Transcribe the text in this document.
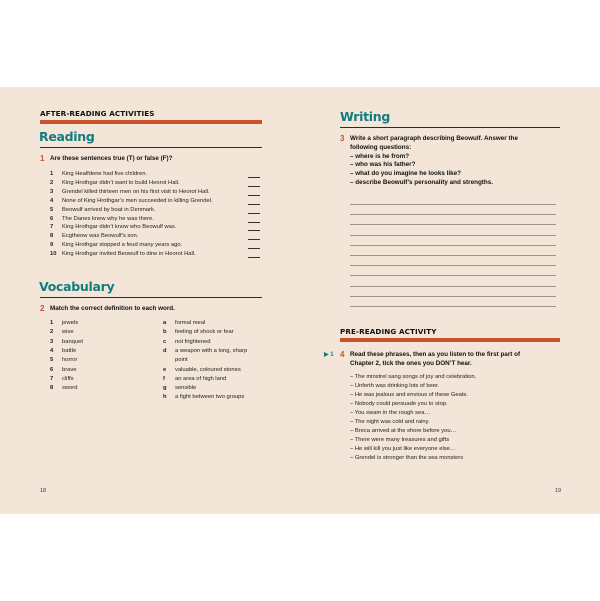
AFTER-READING ACTIVITIES
Reading
1 Are these sentences true (T) or false (F)?
1	King Healfdene had five children.
2	King Hrothgar didn’t want to build Heorot Hall.
3	Grendel killed thirteen men on his first visit to Heorot Hall.
4	None of King Hrothgar’s men succeeded in killing Grendel.
5	Beowulf arrived by boat in Denmark.
6	The Danes knew why he was there.
7	King Hrothgar didn’t know who Beowulf was.
8	Ecgtheow was Beowulf’s son.
9	King Hrothgar stopped a feud many years ago.
10 King Hrothgar invited Beowulf to dine in Heorot Hall.
Vocabulary
2 Match the correct definition to each word.
1	jewels
2	wise
3	banquet
4	battle
5	horror
6	brave
7	cliffs
8	sword
a	formal meal
b	feeling of shock or fear
c	not frightened
d	a weapon with a long, sharp
point
e	valuable, coloured stones
f	an area of high land
g	sensible
h	a fight between two groups
18
Writing
3 Write a short paragraph describing Beowulf. Answer the
following questions:
– where is he from?
– who was his father?
– what do you imagine he looks like?
– describe Beowulf’s personality and strengths.
PRE-READING ACTIVITY
▶ 1 4 Read these phrases, then as you listen to the first part of
Chapter 2, tick the ones you DON’T hear.
– The minstrel sang songs of joy and celebration.
– Unferth was drinking lots of beer.
– He was jealous and envious of these Geats.
– Nobody could persuade you to stop.
– You swam in the rough sea…
– The night was cold and rainy.
– Breca arrived at the shore before you…
– There were many treasures and gifts
– He will kill you just like everyone else…
– Grendel is stronger than the sea monsters
19
